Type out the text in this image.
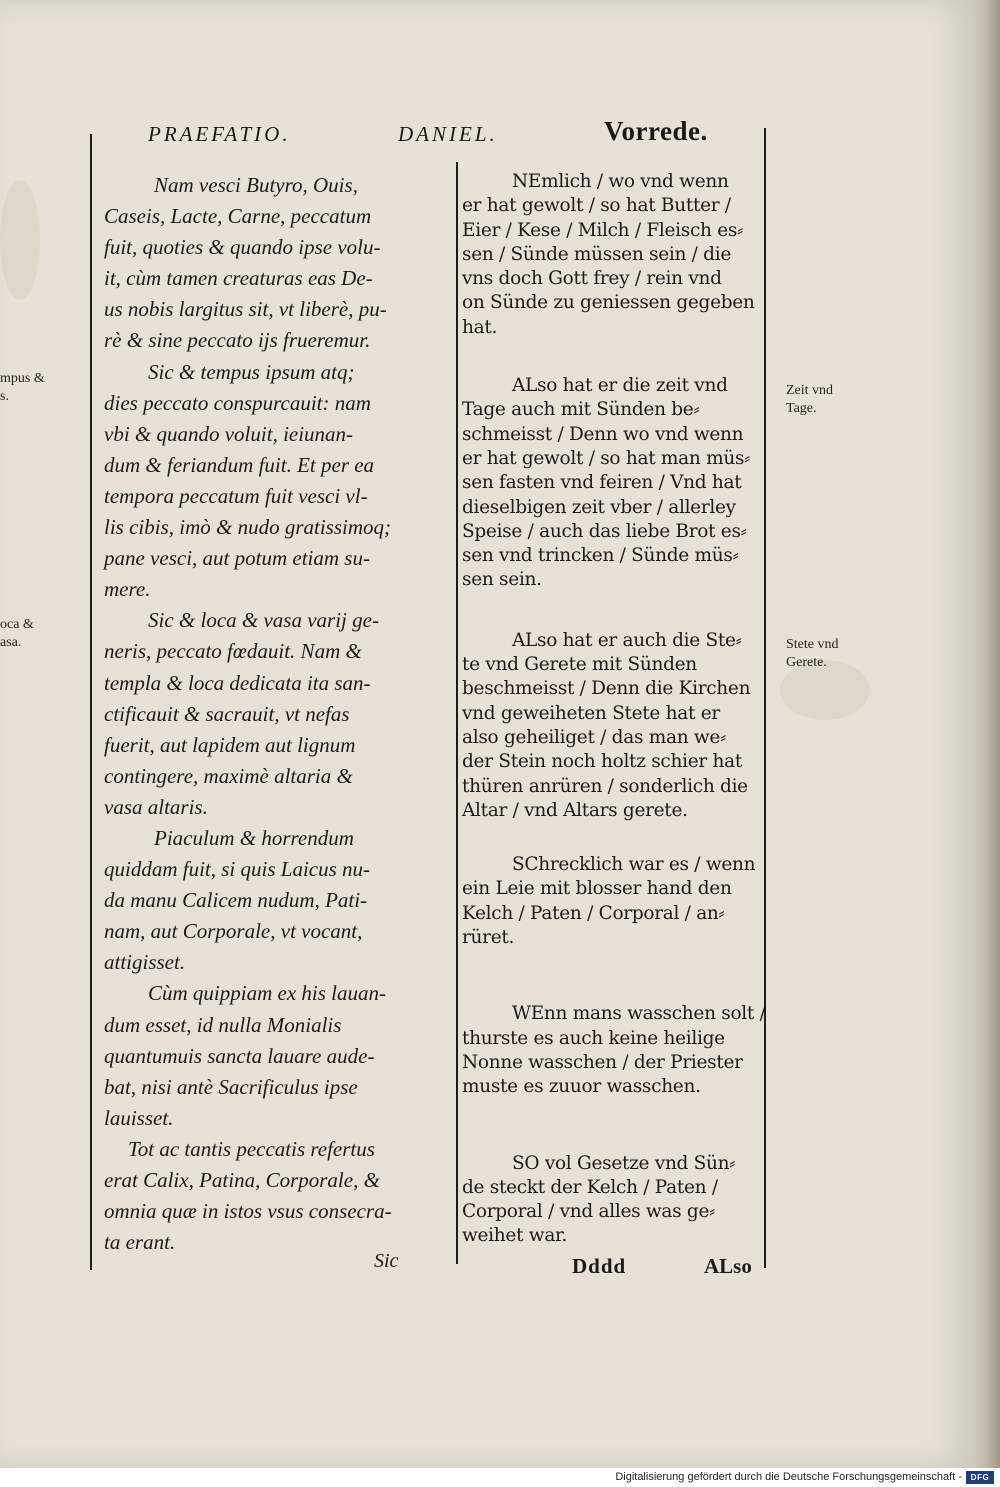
PRAEFATIO.	DANIEL.	Vorrede.
mpus &
s.
oca &
asa.
Zeit vnd
Tage.
Stete vnd
Gerete.
Nam vesci Butyro, Ouis,
Caseis, Lacte, Carne, peccatum
fuit, quoties & quando ipse volu-
it, cùm tamen creaturas eas De-
us nobis largitus sit, vt liberè, pu-
rè & sine peccato ijs frueremur.
Sic & tempus ipsum atq;
dies peccato conspurcauit: nam
vbi & quando voluit, ieiunan-
dum & feriandum fuit. Et per ea
tempora peccatum fuit vesci vl-
lis cibis, imò & nudo gratissimoq;
pane vesci, aut potum etiam su-
mere.
Sic & loca & vasa varij ge-
neris, peccato fœdauit. Nam &
templa & loca dedicata ita san-
ctificauit & sacrauit, vt nefas
fuerit, aut lapidem aut lignum
contingere, maximè altaria &
vasa altaris.
Piaculum & horrendum
quiddam fuit, si quis Laicus nu-
da manu Calicem nudum, Pati-
nam, aut Corporale, vt vocant,
attigisset.
Cùm quippiam ex his lauan-
dum esset, id nulla Monialis
quantumuis sancta lauare aude-
bat, nisi antè Sacrificulus ipse
lauisset.
Tot ac tantis peccatis refertus
erat Calix, Patina, Corporale, &
omnia quæ in istos vsus consecra-
ta erant.
NEmlich / wo vnd wenn
er hat gewolt / so hat Butter /
Eier / Kese / Milch / Fleisch es⸗
sen / Sünde müssen sein / die
vns doch Gott frey / rein vnd
on Sünde zu geniessen gegeben
hat.
ALso hat er die zeit vnd
Tage auch mit Sünden be⸗
schmeisst / Denn wo vnd wenn
er hat gewolt / so hat man müs⸗
sen fasten vnd feiren / Vnd hat
dieselbigen zeit vber / allerley
Speise / auch das liebe Brot es⸗
sen vnd trincken / Sünde müs⸗
sen sein.
ALso hat er auch die Ste⸗
te vnd Gerete mit Sünden
beschmeisst / Denn die Kirchen
vnd geweiheten Stete hat er
also geheiliget / das man we⸗
der Stein noch holtz schier hat
thüren anrüren / sonderlich die
Altar / vnd Altars gerete.
SChrecklich war es / wenn
ein Leie mit blosser hand den
Kelch / Paten / Corporal / an⸗
rüret.
WEnn mans wasschen solt /
thurste es auch keine heilige
Nonne wasschen / der Priester
muste es zuuor wasschen.
SO vol Gesetze vnd Sün⸗
de steckt der Kelch / Paten /
Corporal / vnd alles was ge⸗
weihet war.
Sic	Dddd	ALso
Digitalisierung gefördert durch die Deutsche Forschungsgemeinschaft -	DFG
